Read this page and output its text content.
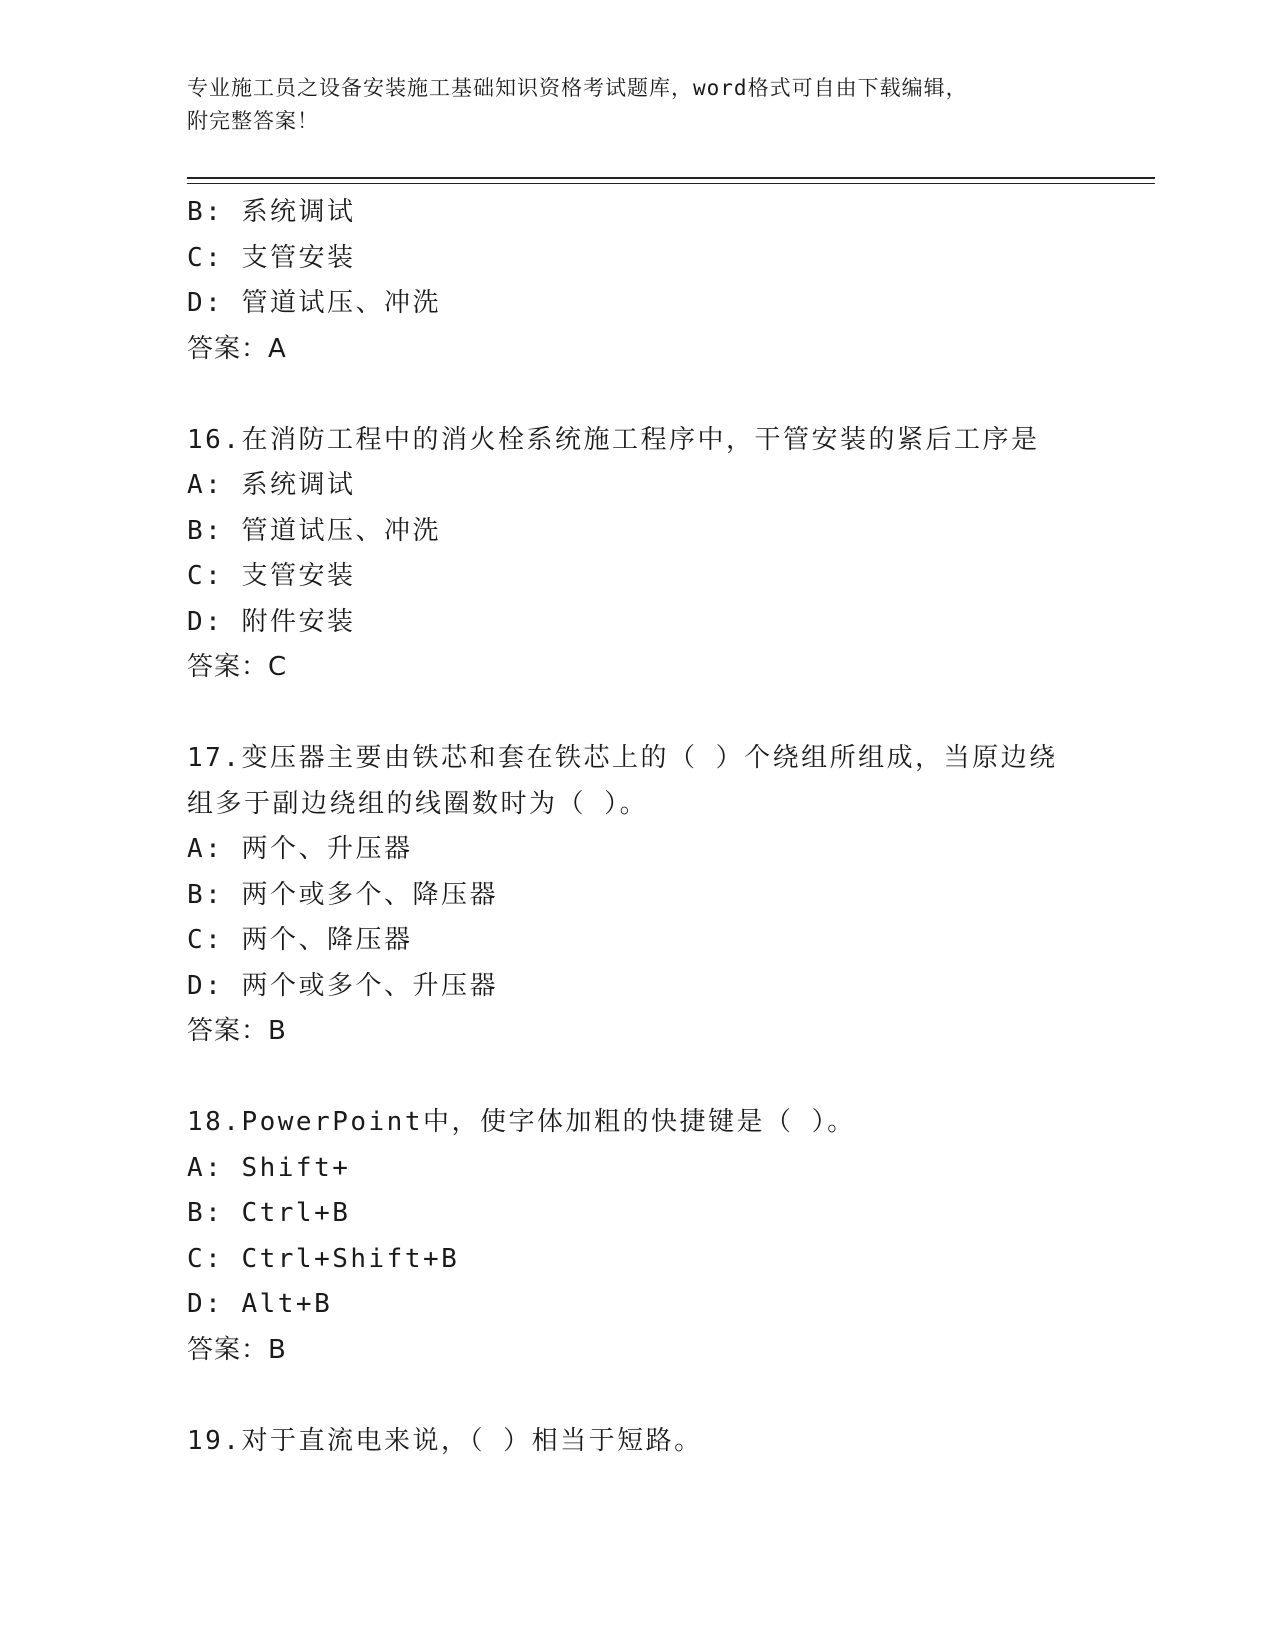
专业施工员之设备安装施工基础知识资格考试题库，word格式可自由下载编辑，
附完整答案！
B: 系统调试
C: 支管安装
D: 管道试压、冲洗
答案：A
16.在消防工程中的消火栓系统施工程序中，干管安装的紧后工序是
A: 系统调试
B: 管道试压、冲洗
C: 支管安装
D: 附件安装
答案：C
17.变压器主要由铁芯和套在铁芯上的（ ）个绕组所组成，当原边绕
组多于副边绕组的线圈数时为（ ）。
A: 两个、升压器
B: 两个或多个、降压器
C: 两个、降压器
D: 两个或多个、升压器
答案：B
18.PowerPoint中，使字体加粗的快捷键是（ ）。
A: Shift+
B: Ctrl+B
C: Ctrl+Shift+B
D: Alt+B
答案：B
19.对于直流电来说，（ ）相当于短路。
